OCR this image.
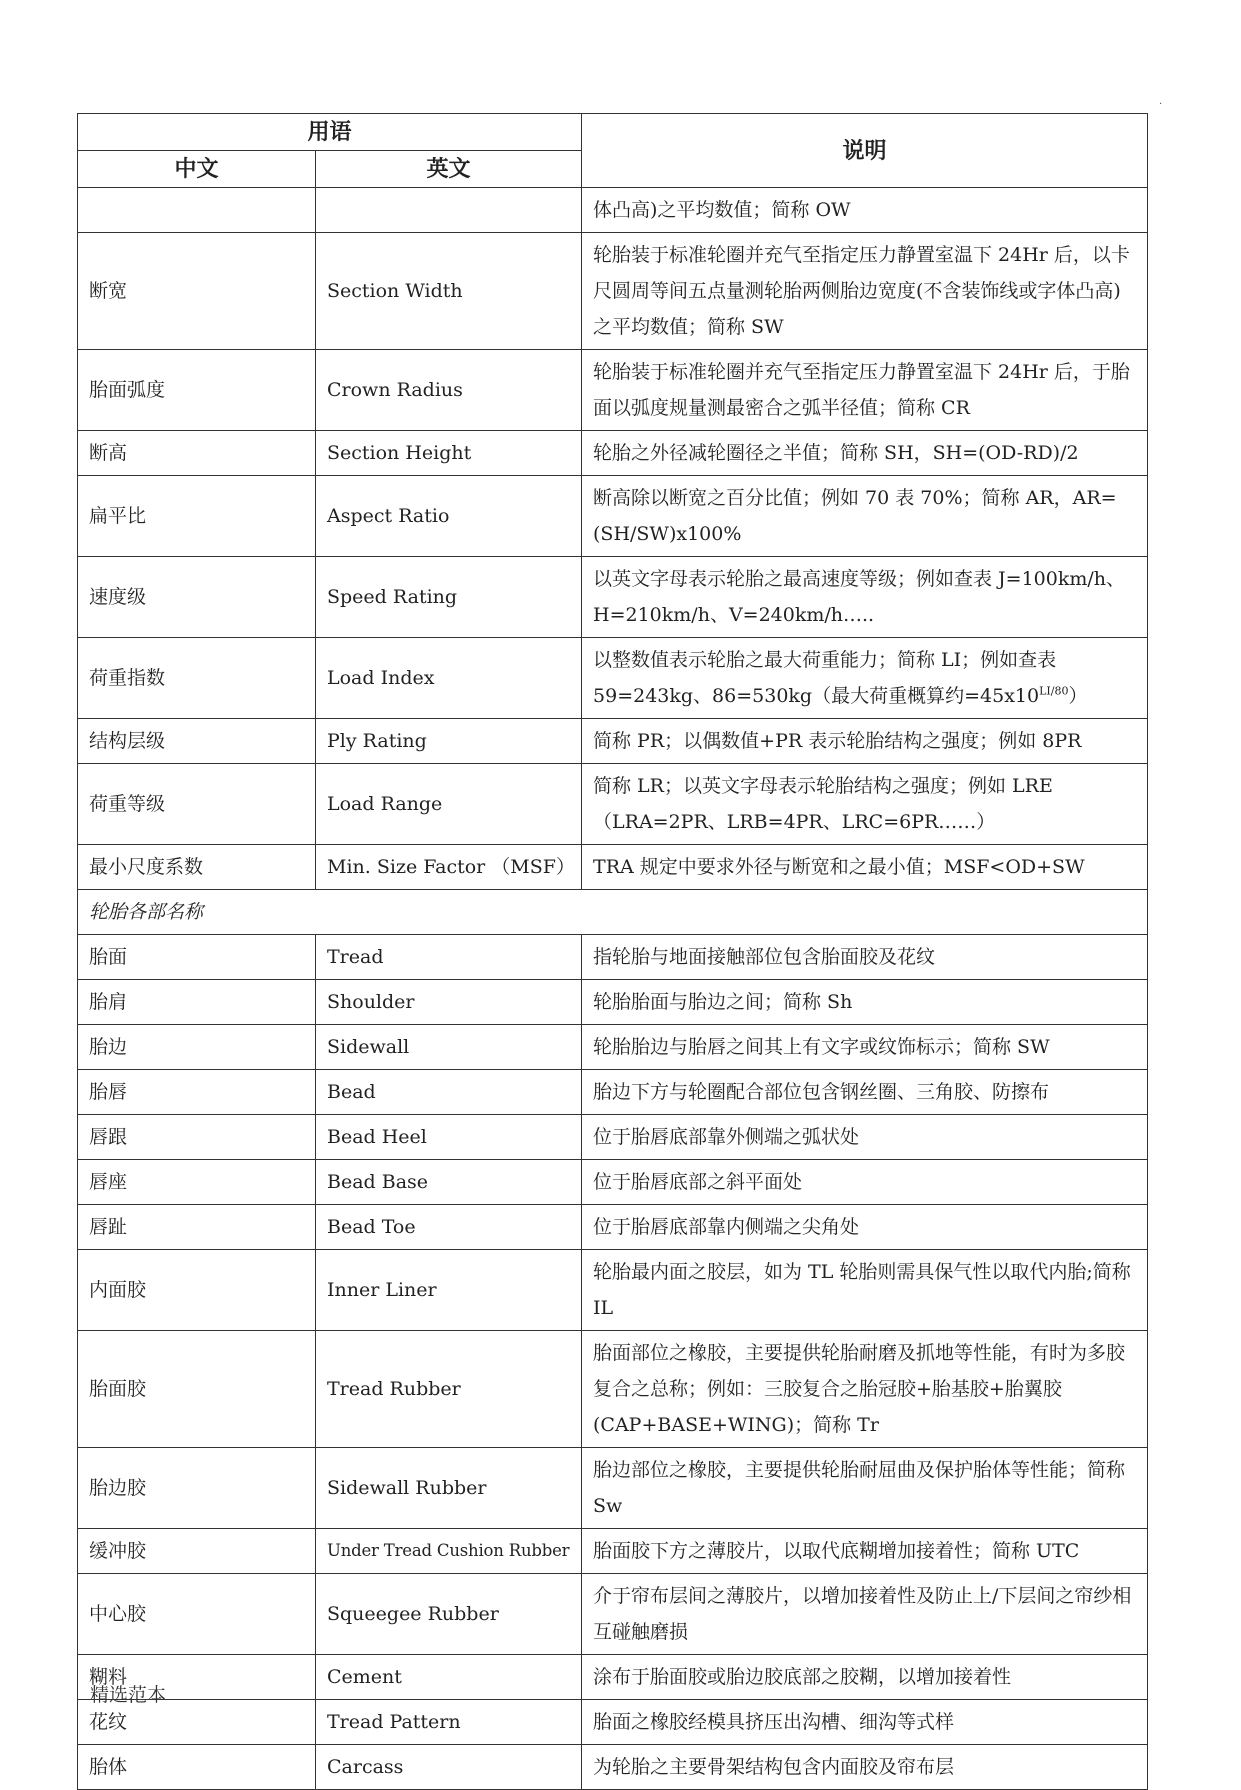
·
用语		说明
中文	英文	
		体凸高)之平均数值；简称 OW
断宽	Section Width	轮胎装于标准轮圈并充气至指定压力静置室温下 24Hr 后，以卡尺圆周等间五点量测轮胎两侧胎边宽度(不含装饰线或字体凸高)之平均数值；简称 SW
胎面弧度	Crown Radius	轮胎装于标准轮圈并充气至指定压力静置室温下 24Hr 后，于胎面以弧度规量测最密合之弧半径值；简称 CR
断高	Section Height	轮胎之外径减轮圈径之半值；简称 SH，SH=(OD-RD)/2
扁平比	Aspect Ratio	断高除以断宽之百分比值；例如 70 表 70%；简称 AR，AR=(SH/SW)x100%
速度级	Speed Rating	以英文字母表示轮胎之最高速度等级；例如查表 J=100km/h、H=210km/h、V=240km/h…..
荷重指数	Load Index	以整数值表示轮胎之最大荷重能力；简称 LI；例如查表 59=243kg、86=530kg（最大荷重概算约$=45x10^{LI/80}$）
结构层级	Ply Rating	简称 PR；以偶数值+PR 表示轮胎结构之强度；例如 8PR
荷重等级	Load Range	简称 LR；以英文字母表示轮胎结构之强度；例如 LRE（LRA=2PR、LRB=4PR、LRC=6PR……）
最小尺度系数	Min. Size Factor （MSF）	TRA 规定中要求外径与断宽和之最小值；MSF<OD+SW
轮胎各部名称		
胎面	Tread	指轮胎与地面接触部位包含胎面胶及花纹
胎肩	Shoulder	轮胎胎面与胎边之间；简称 Sh
胎边	Sidewall	轮胎胎边与胎唇之间其上有文字或纹饰标示；简称 SW
胎唇	Bead	胎边下方与轮圈配合部位包含钢丝圈、三角胶、防擦布
唇跟	Bead Heel	位于胎唇底部靠外侧端之弧状处
唇座	Bead Base	位于胎唇底部之斜平面处
唇趾	Bead Toe	位于胎唇底部靠内侧端之尖角处
内面胶	Inner Liner	轮胎最内面之胶层，如为 TL 轮胎则需具保气性以取代内胎;简称 IL
胎面胶	Tread Rubber	胎面部位之橡胶，主要提供轮胎耐磨及抓地等性能，有时为多胶复合之总称；例如：三胶复合之胎冠胶+胎基胶+胎翼胶(CAP+BASE+WING)；简称 Tr
胎边胶	Sidewall Rubber	胎边部位之橡胶，主要提供轮胎耐屈曲及保护胎体等性能；简称 Sw
缓冲胶	Under Tread Cushion Rubber	胎面胶下方之薄胶片，以取代底糊增加接着性；简称 UTC
中心胶	Squeegee Rubber	介于帘布层间之薄胶片，以增加接着性及防止上/下层间之帘纱相互碰触磨损
糊料	Cement	涂布于胎面胶或胎边胶底部之胶糊，以增加接着性
花纹	Tread Pattern	胎面之橡胶经模具挤压出沟槽、细沟等式样
胎体	Carcass	为轮胎之主要骨架结构包含内面胶及帘布层
精选范本
